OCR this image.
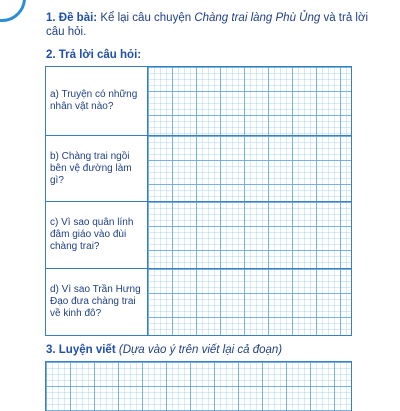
1. Đề bài: Kể lại câu chuyện Chàng trai làng Phù Ủng và trả lời câu hỏi.
2. Trả lời câu hỏi:
a) Truyện có những nhân vật nào?
b) Chàng trai ngồi bên vệ đường làm gì?
c) Vì sao quân lính đâm giáo vào đùi chàng trai?
d) Vì sao Trần Hưng Đạo đưa chàng trai về kinh đô?
3. Luyện viết (Dựa vào ý trên viết lại cả đoạn)
